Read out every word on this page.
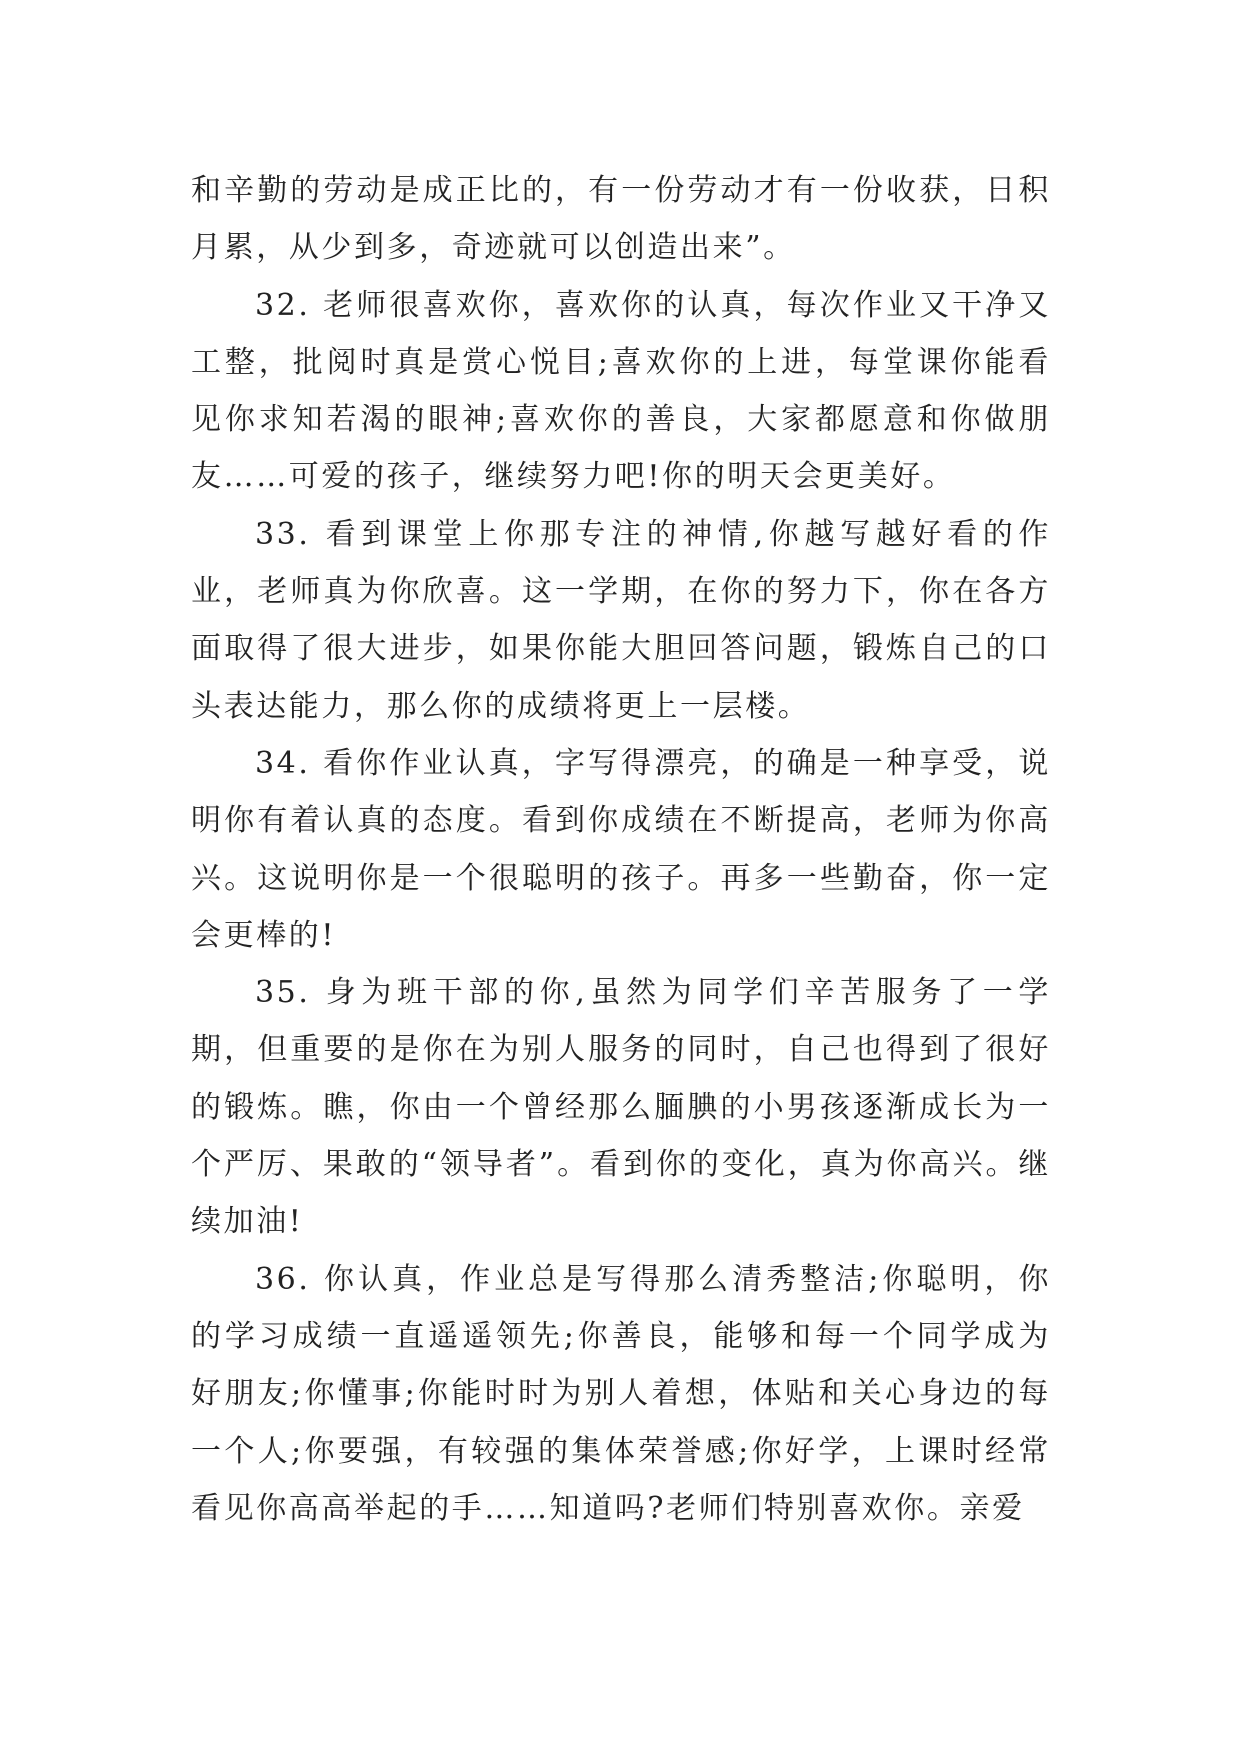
和辛勤的劳动是成正比的，有一份劳动才有一份收获，日积月累，从少到多，奇迹就可以创造出来”。

32. 老师很喜欢你，喜欢你的认真，每次作业又干净又工整，批阅时真是赏心悦目;喜欢你的上进，每堂课你能看见你求知若渴的眼神;喜欢你的善良，大家都愿意和你做朋友……可爱的孩子，继续努力吧!你的明天会更美好。

33. 看到课堂上你那专注的神情,你越写越好看的作业，老师真为你欣喜。这一学期，在你的努力下，你在各方面取得了很大进步，如果你能大胆回答问题，锻炼自己的口头表达能力，那么你的成绩将更上一层楼。

34. 看你作业认真，字写得漂亮，的确是一种享受，说明你有着认真的态度。看到你成绩在不断提高，老师为你高兴。这说明你是一个很聪明的孩子。再多一些勤奋，你一定会更棒的!

35. 身为班干部的你,虽然为同学们辛苦服务了一学期，但重要的是你在为别人服务的同时，自己也得到了很好的锻炼。瞧，你由一个曾经那么腼腆的小男孩逐渐成长为一个严厉、果敢的“领导者”。看到你的变化，真为你高兴。继续加油!

36. 你认真，作业总是写得那么清秀整洁;你聪明，你的学习成绩一直遥遥领先;你善良，能够和每一个同学成为好朋友;你懂事;你能时时为别人着想，体贴和关心身边的每一个人;你要强，有较强的集体荣誉感;你好学，上课时经常看见你高高举起的手……知道吗?老师们特别喜欢你。亲爱
